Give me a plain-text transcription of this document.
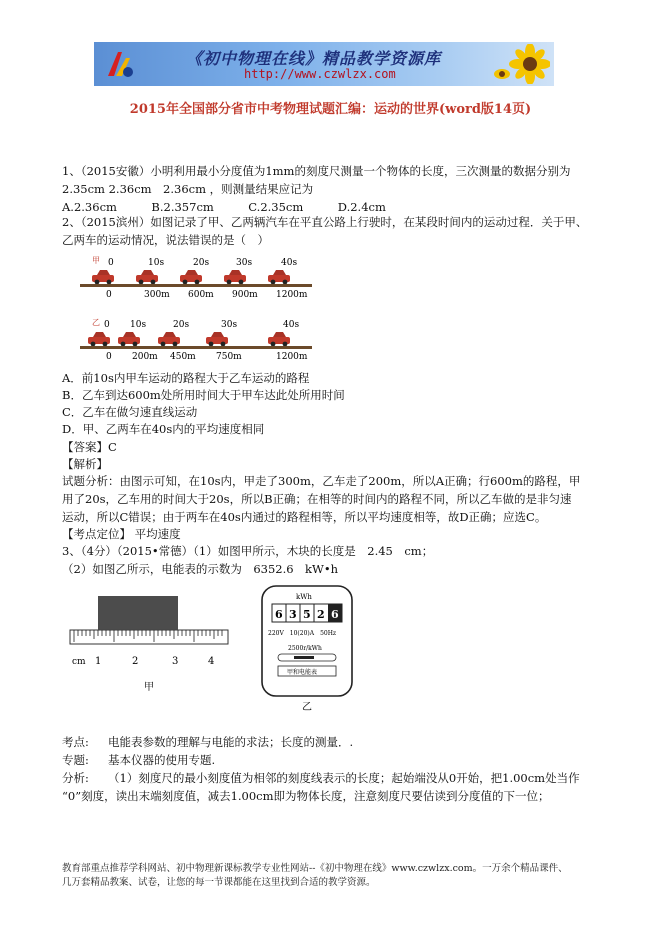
《初中物理在线》精品教学资源库
http://www.czwlzx.com
2015年全国部分省市中考物理试题汇编：运动的世界(word版14页)
1、（2015安徽）小明利用最小分度值为1mm的刻度尺测量一个物体的长度，三次测量的数据分别为
2.35cm 2.36cm　2.36cm ，则测量结果应记为
A.2.36cm　　　B.2.357cm　　　C.2.35cm　　　D.2.4cm
2、（2015滨州）如图记录了甲、乙两辆汽车在平直公路上行驶时，在某段时间内的运动过程．关于甲、
乙两车的运动情况，说法错误的是（　）
甲 0	10s	20s	30s	40s
0	300m 600m 900m 1200m
乙 0 10s	20s	30s	40s
0 200m 450m 750m	1200m
A．前10s内甲车运动的路程大于乙车运动的路程
B．乙车到达600m处所用时间大于甲车达此处所用时间
C．乙车在做匀速直线运动
D．甲、乙两车在40s内的平均速度相同
【答案】C
【解析】
试题分析：由图示可知，在10s内，甲走了300m，乙车走了200m，所以A正确；行600m的路程，甲
用了20s，乙车用的时间大于20s，所以B正确；在相等的时间内的路程不同，所以乙车做的是非匀速
运动，所以C错误；由于两车在40s内通过的路程相等，所以平均速度相等，故D正确；应选C。
【考点定位】 平均速度
3、（4分）（2015•常德）（1）如图甲所示，木块的长度是　2.45　cm；
（2）如图乙所示，电能表的示数为　6352.6　kW•h
cm 1	2	3	4
甲
kWh
6 3 5 2 6
220V　10(20)A　50Hz
2500r/kWh
甲和电能表
乙
考点: 电能表参数的理解与电能的求法；长度的测量．.
专题: 基本仪器的使用专题.
分析: （1）刻度尺的最小刻度值为相邻的刻度线表示的长度；起始端没从0开始，把1.00cm处当作
“0”刻度，读出末端刻度值，减去1.00cm即为物体长度，注意刻度尺要估读到分度值的下一位；
教育部重点推荐学科网站、初中物理新课标教学专业性网站--《初中物理在线》www.czwlzx.com。一万余个精品课件、
几万套精品教案、试卷，让您的每一节课都能在这里找到合适的教学资源。
